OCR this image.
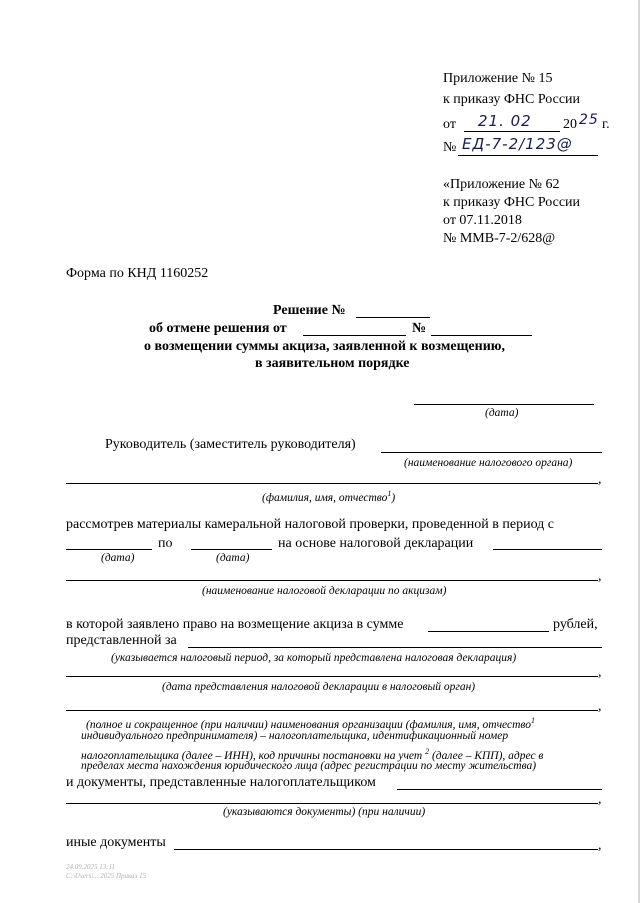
Приложение № 15
к приказу ФНС России
от 21. 02 20 25 г.
№ ЕД-7-2/123@
«Приложение № 62
к приказу ФНС России
от 07.11.2018
№ ММВ-7-2/628@
Форма по КНД 1160252
Решение №
об отмене решения от	№
о возмещении суммы акциза, заявленной к возмещению,
в заявительном порядке
(дата)
Руководитель (заместитель руководителя)
(наименование налогового органа)
,
(фамилия, имя, отчество$^1$)
рассмотрев материалы камеральной налоговой проверки, проведенной в период с
по	на основе налоговой декларации
(дата)	(дата)
,
(наименование налоговой декларации по акцизам)
в которой заявлено право на возмещение акциза в сумме	рублей,
представленной за
(указывается налоговый период, за который представлена налоговая декларация)
,
(дата представления налоговой декларации в налоговый орган)
,
(полное и сокращенное (при наличии) наименования организации (фамилия, имя, отчество$^1$
индивидуального предпринимателя) – налогоплательщика, идентификационный номер
налогоплательщика (далее – ИНН), код причины постановки на учет $^2$ (далее – КПП), адрес в
пределах места нахождения юридического лица (адрес регистрации по месту жительства)
и документы, представленные налогоплательщиком
,
(указываются документы) (при наличии)
иные документы	,
24.09.2025 13:11
С:\Users\... 2025 Приказ 15
